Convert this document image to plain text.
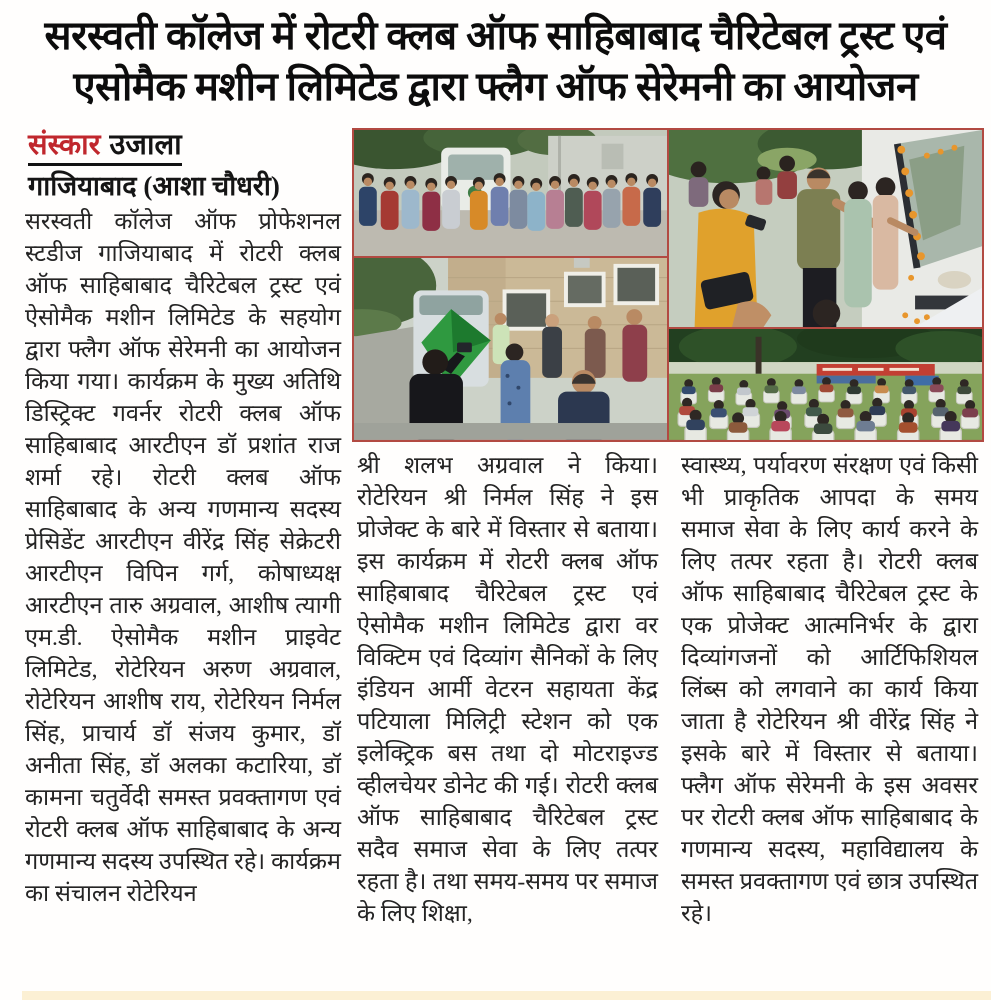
सरस्वती कॉलेज में रोटरी क्लब ऑफ साहिबाबाद चैरिटेबल ट्रस्ट एवं एसोमैक मशीन लिमिटेड द्वारा फ्लैग ऑफ सेरेमनी का आयोजन
संस्कार उजाला
गाजियाबाद (आशा चौधरी)
सरस्वती कॉलेज ऑफ प्रोफेशनल स्टडीज गाजियाबाद में रोटरी क्लब ऑफ साहिबाबाद चैरिटेबल ट्रस्ट एवं ऐसोमैक मशीन लिमिटेड के सहयोग द्वारा फ्लैग ऑफ सेरेमनी का आयोजन किया गया। कार्यक्रम के मुख्य अतिथि डिस्ट्रिक्ट गवर्नर रोटरी क्लब ऑफ साहिबाबाद आरटीएन डॉ प्रशांत राज शर्मा रहे। रोटरी क्लब ऑफ साहिबाबाद के अन्य गणमान्य सदस्य प्रेसिडेंट आरटीएन वीरेंद्र सिंह सेक्रेटरी आरटीएन विपिन गर्ग, कोषाध्यक्ष आरटीएन तारु अग्रवाल, आशीष त्यागी एम.डी. ऐसोमैक मशीन प्राइवेट लिमिटेड, रोटेरियन अरुण अग्रवाल, रोटेरियन आशीष राय, रोटेरियन निर्मल सिंह, प्राचार्य डॉ संजय कुमार, डॉ अनीता सिंह, डॉ अलका कटारिया, डॉ कामना चतुर्वेदी समस्त प्रवक्तागण एवं रोटरी क्लब ऑफ साहिबाबाद के अन्य गणमान्य सदस्य उपस्थित रहे। कार्यक्रम का संचालन रोटेरियन
श्री शलभ अग्रवाल ने किया। रोटेरियन श्री निर्मल सिंह ने इस प्रोजेक्ट के बारे में विस्तार से बताया। इस कार्यक्रम में रोटरी क्लब ऑफ साहिबाबाद चैरिटेबल ट्रस्ट एवं ऐसोमैक मशीन लिमिटेड द्वारा वर विक्टिम एवं दिव्यांग सैनिकों के लिए इंडियन आर्मी वेटरन सहायता केंद्र पटियाला मिलिट्री स्टेशन को एक इलेक्ट्रिक बस तथा दो मोटराइज्ड व्हीलचेयर डोनेट की गई। रोटरी क्लब ऑफ साहिबाबाद चैरिटेबल ट्रस्ट सदैव समाज सेवा के लिए तत्पर रहता है। तथा समय-समय पर समाज के लिए शिक्षा,
स्वास्थ्य, पर्यावरण संरक्षण एवं किसी भी प्राकृतिक आपदा के समय समाज सेवा के लिए कार्य करने के लिए तत्पर रहता है। रोटरी क्लब ऑफ साहिबाबाद चैरिटेबल ट्रस्ट के एक प्रोजेक्ट आत्मनिर्भर के द्वारा दिव्यांगजनों को आर्टिफिशियल लिंब्स को लगवाने का कार्य किया जाता है रोटेरियन श्री वीरेंद्र सिंह ने इसके बारे में विस्तार से बताया। फ्लैग ऑफ सेरेमनी के इस अवसर पर रोटरी क्लब ऑफ साहिबाबाद के गणमान्य सदस्य, महाविद्यालय के समस्त प्रवक्तागण एवं छात्र उपस्थित रहे।
